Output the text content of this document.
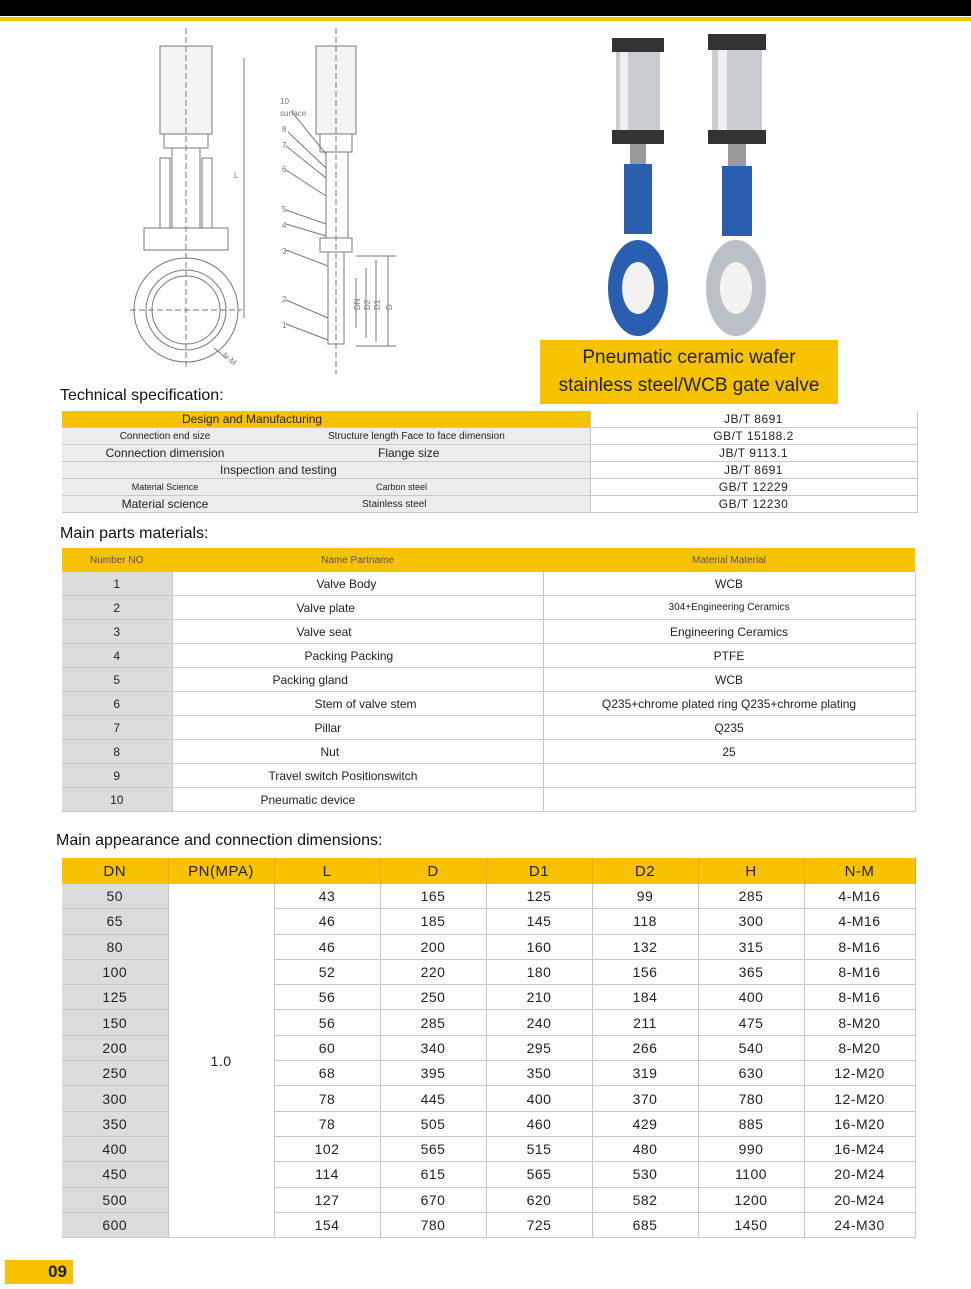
10
surface
8
7
6
5
4
3
2
1
L
N-M
DN D2 D1 D
Pneumatic ceramic wafer
stainless steel/WCB gate valve
Technical specification:
Design and Manufacturing		JB/T 8691
Connection end size	Structure length Face to face dimension	GB/T 15188.2
Connection dimension	Flange size	JB/T 9113.1
Inspection and testing		JB/T 8691
Material Science	Carbon steel	GB/T 12229
Material science	Stainless steel	GB/T 12230
Main parts materials:
Number NO	Name Partname	Material Material
1	Valve Body	WCB
2	Valve plate	304+Engineering Ceramics
3	Valve seat	Engineering Ceramics
4	Packing Packing	PTFE
5	Packing gland	WCB
6	Stem of valve stem	Q235+chrome plated ring Q235+chrome plating
7	Pillar	Q235
8	Nut	25
9	Travel switch Positionswitch	
10	Pneumatic device	
Main appearance and connection dimensions:
DN	PN(MPA)	L	D	D1	D2	H	N-M
50	1.0	43	165	125	99	285	4-M16
65		46	185	145	118	300	4-M16
80		46	200	160	132	315	8-M16
100		52	220	180	156	365	8-M16
125		56	250	210	184	400	8-M16
150		56	285	240	211	475	8-M20
200		60	340	295	266	540	8-M20
250		68	395	350	319	630	12-M20
300		78	445	400	370	780	12-M20
350		78	505	460	429	885	16-M20
400		102	565	515	480	990	16-M24
450		114	615	565	530	1100	20-M24
500		127	670	620	582	1200	20-M24
600		154	780	725	685	1450	24-M30
09
